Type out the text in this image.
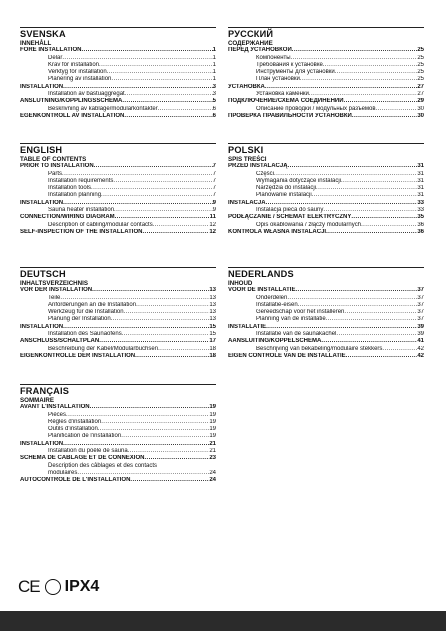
SVENSKA
INNEHÅLL
FÖRE INSTALLATION .....	1
Delar .....	1
Krav för installation .....	1
Verktyg för installation .....	1
Planering av installation .....	1
INSTALLATION .....	3
Installation av bastuaggregat .....	3
ANSLUTNING/KOPPLINGSSCHEMA .....	5
Beskrivning av kablage/modularkontakter .....	6
EGENKONTROLL AV INSTALLATION .....	6
ENGLISH
TABLE OF CONTENTS
PRIOR TO INSTALLATION .....	7
Parts .....	7
Installation requirements .....	7
Installation tools .....	7
Installation planning .....	7
INSTALLATION .....	9
Sauna heater installation .....	9
CONNECTION/WIRING DIAGRAM .....	11
Description of cabling/modular contacts .....	12
SELF-INSPECTION OF THE INSTALLATION .....	12
DEUTSCH
INHALTSVERZEICHNIS
VOR DER INSTALLATION .....	13
Teile .....	13
Anforderungen an die Installation .....	13
Werkzeug für die Installation .....	13
Planung der Installation .....	13
INSTALLATION .....	15
Installation des Saunaofens .....	15
ANSCHLUSS/SCHALTPLAN .....	17
Beschreibung der Kabel/Modularbuchsen .....	18
EIGENKONTROLLE DER INSTALLATION .....	18
FRANÇAIS
SOMMAIRE
AVANT L'INSTALLATION .....	19
Pièces .....	19
Règles d'installation .....	19
Outils d'installation .....	19
Planification de l'installation .....	19
INSTALLATION .....	21
Installation du poêle de sauna .....	21
SCHÉMA DE CÂBLAGE ET DE CONNEXION .....	23
Description des câblages et des contacts
modulaires .....	24
AUTOCONTRÔLE DE L'INSTALLATION .....	24
РУССКИЙ
СОДЕРЖАНИЕ
ПЕРЕД УСТАНОВКОЙ .....	25
Компоненты .....	25
Требования к установке .....	25
Инструменты для установки .....	25
План установки .....	25
УСТАНОВКА .....	27
Установка каменки .....	27
ПОДКЛЮЧЕНИЕ/СХЕМА СОЕДИНЕНИЙ .....	29
Описание проводки / модульных разъемов .....	30
ПРОВЕРКА ПРАВИЛЬНОСТИ УСТАНОВКИ .....	30
POLSKI
SPIS TREŚCI
PRZED INSTALACJĄ .....	31
Części .....	31
Wymagania dotyczące instalacji .....	31
Narzędzia do instalacji .....	31
Planowanie instalacji .....	31
INSTALACJA .....	33
Instalacja pieca do sauny .....	33
PODŁĄCZANIE / SCHEMAT ELEKTRYCZNY .....	35
Opis okablowania / złączy modularnych .....	36
KONTROLA WŁASNA INSTALACJI .....	36
NEDERLANDS
INHOUD
VÓÓR DE INSTALLATIE .....	37
Onderdelen .....	37
Installatie-eisen .....	37
Gereedschap voor het installeren .....	37
Planning van de installatie .....	37
INSTALLATIE .....	39
Installatie van de saunakachel .....	39
AANSLUITING/KOPPELSCHEMA .....	41
Beschrijving van bekabeling/modulaire stekkers .....	42
EIGEN CONTROLE VAN DE INSTALLATIE .....	42
CE IPX4
